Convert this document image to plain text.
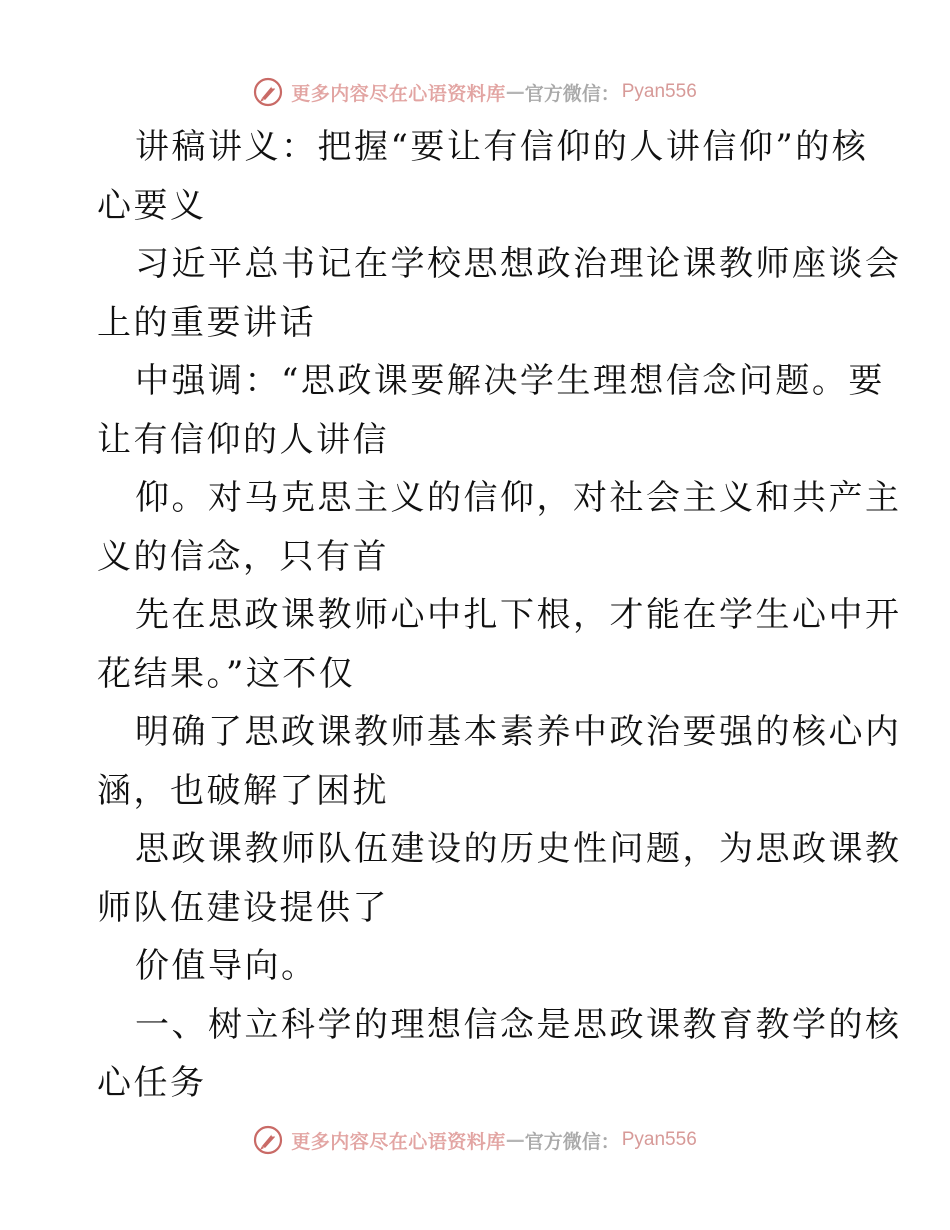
更多内容尽在心语资料库 — 官方微信： Pyan556
讲稿讲义：把握“要让有信仰的人讲信仰”的核
心要义
习近平总书记在学校思想政治理论课教师座谈会
上的重要讲话
中强调：“思政课要解决学生理想信念问题。要
让有信仰的人讲信
仰。对马克思主义的信仰，对社会主义和共产主
义的信念，只有首
先在思政课教师心中扎下根，才能在学生心中开
花结果。”这不仅
明确了思政课教师基本素养中政治要强的核心内
涵，也破解了困扰
思政课教师队伍建设的历史性问题，为思政课教
师队伍建设提供了
价值导向。
一、树立科学的理想信念是思政课教育教学的核
心任务
更多内容尽在心语资料库 — 官方微信： Pyan556
